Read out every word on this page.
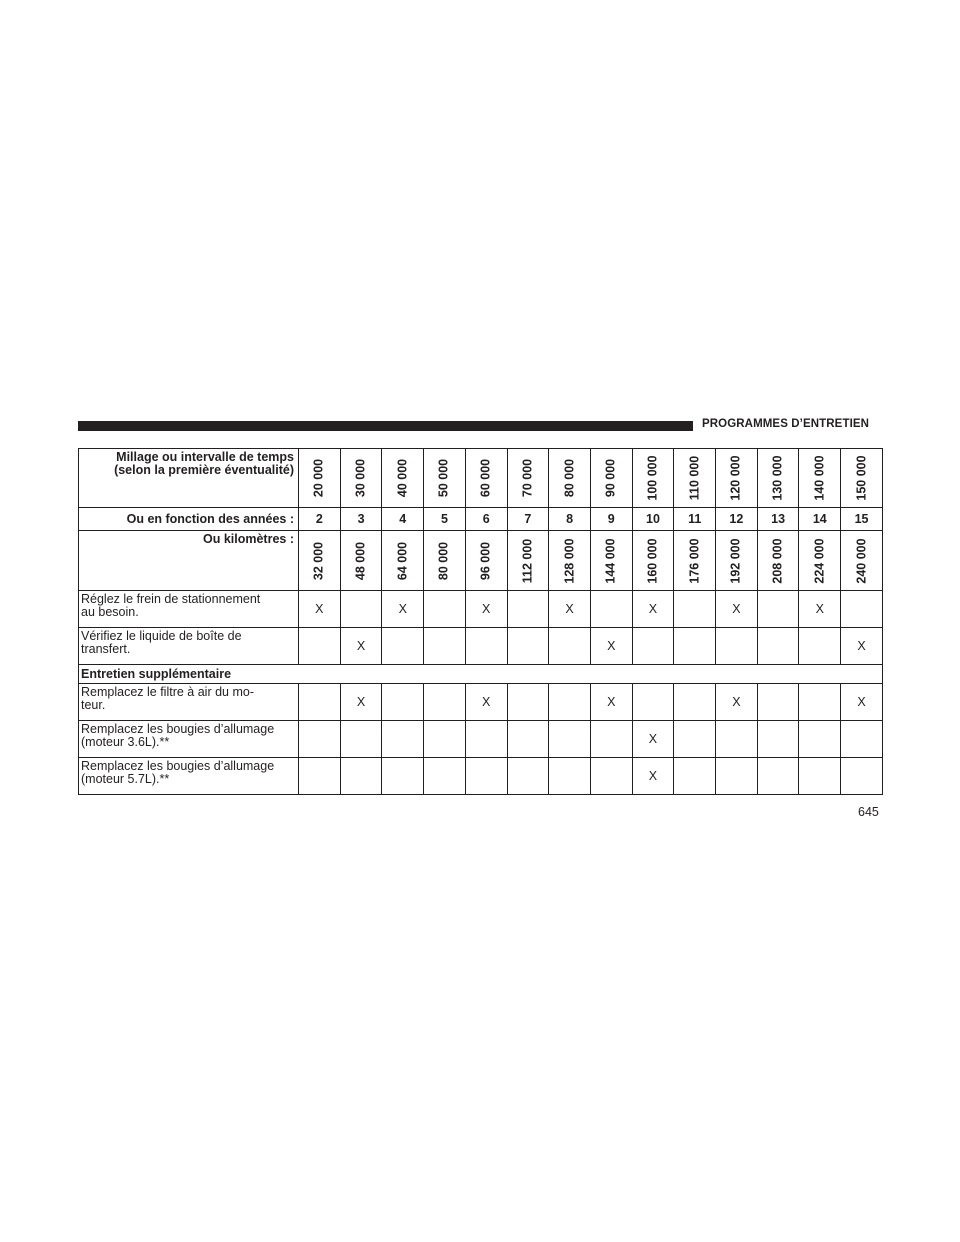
PROGRAMMES D’ENTRETIEN
Millage ou intervalle de temps
(selon la première éventualité)	20 000	30 000	40 000	50 000	60 000	70 000	80 000	90 000	100 000	110 000	120 000	130 000	140 000	150 000

Ou en fonction des années :	2	3	4	5	6	7	8	9	10	11	12	13	14	15
Ou kilomètres :	32 000	48 000	64 000	80 000	96 000	112 000	128 000	144 000	160 000	176 000	192 000	208 000	224 000	240 000

Réglez le frein de stationnement
au besoin.	X		X		X		X		X		X		X	
Vérifiez le liquide de boîte de
transfert.		X						X						X
Entretien supplémentaire														
Remplacez le filtre à air du mo-
teur.		X			X			X			X			X
Remplacez les bougies d’allumage
(moteur 3.6L).**									X					
Remplacez les bougies d’allumage
(moteur 5.7L).**									X					
645
